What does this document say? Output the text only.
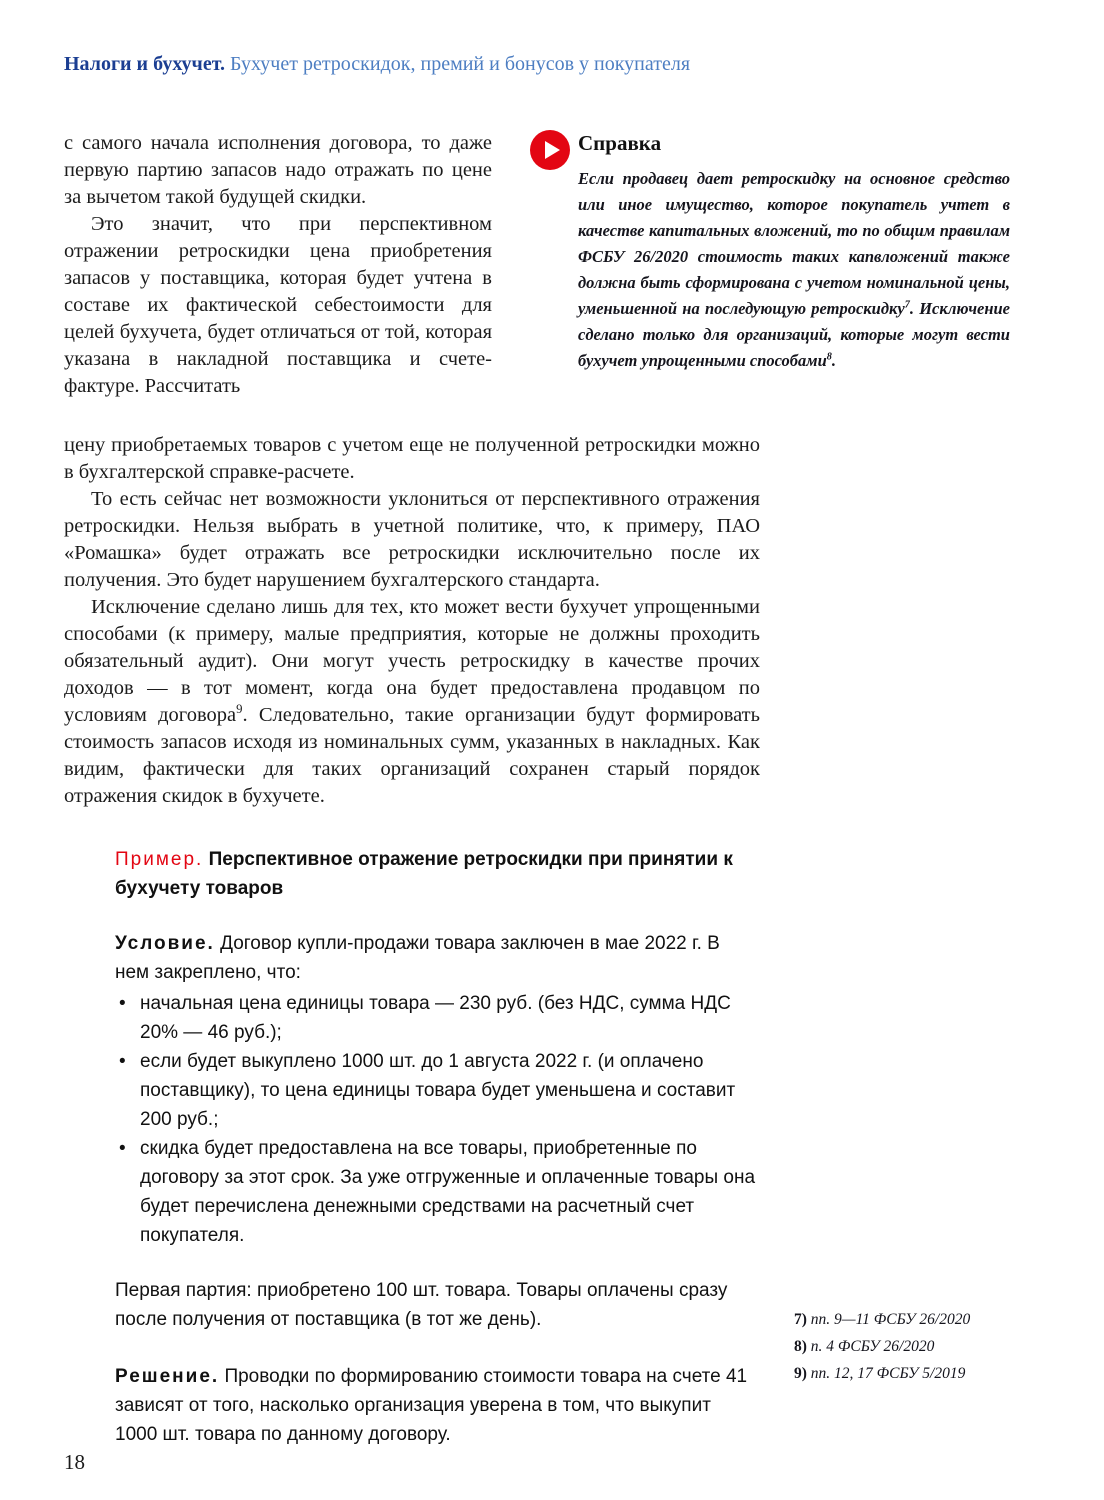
Налоги и бухучет. Бухучет ретроскидок, премий и бонусов у покупателя

с самого начала исполнения договора, то даже первую партию запасов надо отражать по цене за вычетом такой будущей скидки.

Это значит, что при перспективном отражении ретроскидки цена приобретения запасов у поставщика, которая будет учтена в составе их фактической себестоимости для целей бухучета, будет отличаться от той, которая указана в накладной поставщика и счете-фактуре. Рассчитать

Справка

Если продавец дает ретроскидку на основное средство или иное имущество, которое покупатель учтет в качестве капитальных вложений, то по общим правилам ФСБУ 26/2020 стоимость таких капвложений также должна быть сформирована с учетом номинальной цены, уменьшенной на последующую ретроскидку$^7$. Исключение сделано только для организаций, которые могут вести бухучет упрощенными способами$^8$.

цену приобретаемых товаров с учетом еще не полученной ретроскидки можно в бухгалтерской справке-расчете.

То есть сейчас нет возможности уклониться от перспективного отражения ретроскидки. Нельзя выбрать в учетной политике, что, к примеру, ПАО «Ромашка» будет отражать все ретроскидки исключительно после их получения. Это будет нарушением бухгалтерского стандарта.

Исключение сделано лишь для тех, кто может вести бухучет упрощенными способами (к примеру, малые предприятия, которые не должны проходить обязательный аудит). Они могут учесть ретроскидку в качестве прочих доходов — в тот момент, когда она будет предоставлена продавцом по условиям договора$^9$. Следовательно, такие организации будут формировать стоимость запасов исходя из номинальных сумм, указанных в накладных. Как видим, фактически для таких организаций сохранен старый порядок отражения скидок в бухучете.

Пример. Перспективное отражение ретроскидки при принятии к бухучету товаров

Условие. Договор купли-продажи товара заключен в мае 2022 г. В нем закреплено, что:

• начальная цена единицы товара — 230 руб. (без НДС, сумма НДС 20% — 46 руб.);
• если будет выкуплено 1000 шт. до 1 августа 2022 г. (и оплачено поставщику), то цена единицы товара будет уменьшена и составит 200 руб.;
• скидка будет предоставлена на все товары, приобретенные по договору за этот срок. За уже отгруженные и оплаченные товары она будет перечислена денежными средствами на расчетный счет покупателя.

Первая партия: приобретено 100 шт. товара. Товары оплачены сразу после получения от поставщика (в тот же день).

Решение. Проводки по формированию стоимости товара на счете 41 зависят от того, насколько организация уверена в том, что выкупит 1000 шт. товара по данному договору.

7) пп. 9—11 ФСБУ 26/2020
8) п. 4 ФСБУ 26/2020
9) пп. 12, 17 ФСБУ 5/2019
18
